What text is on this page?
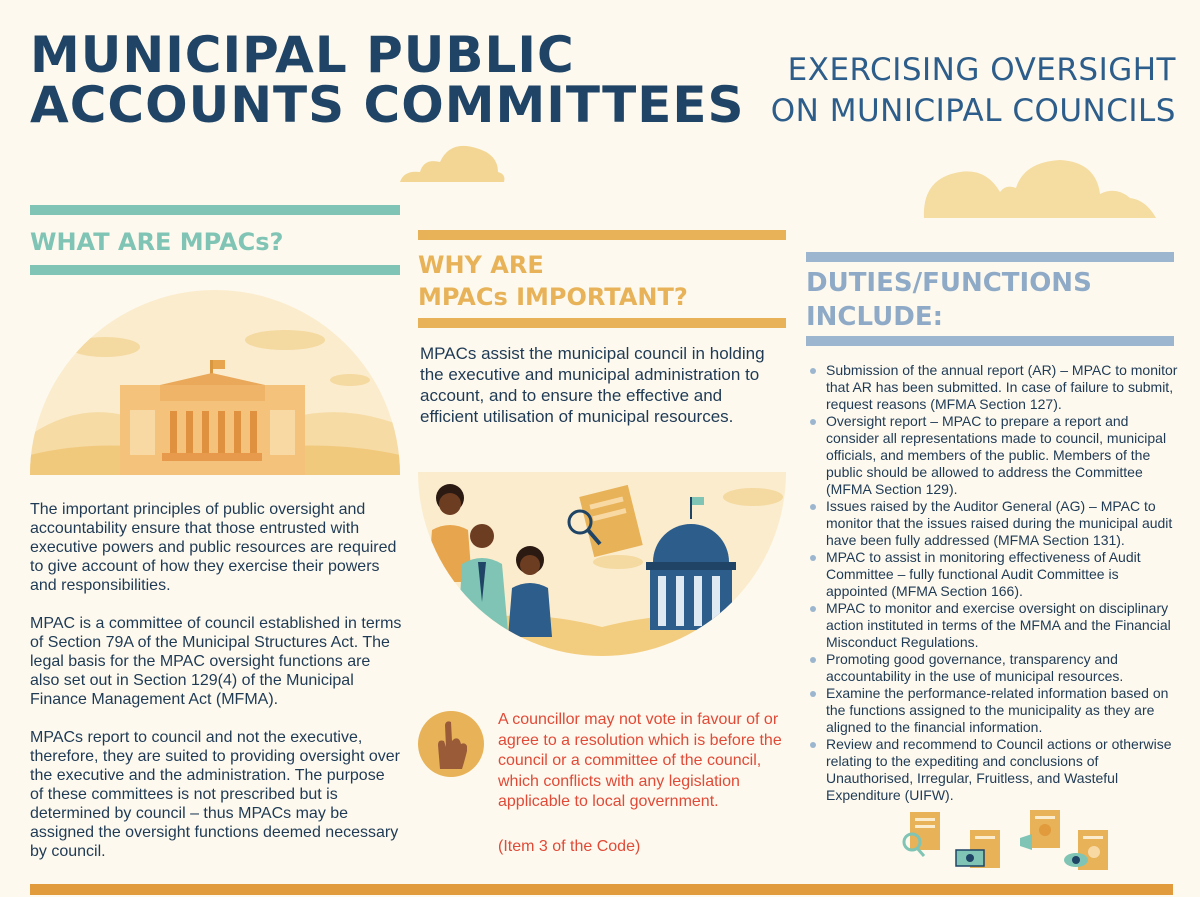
MUNICIPAL PUBLIC
ACCOUNTS COMMITTEES
EXERCISING OVERSIGHT
ON MUNICIPAL COUNCILS
WHAT ARE MPACs?

The important principles of public oversight and accountability ensure that those entrusted with executive powers and public resources are required to give account of how they exercise their powers and responsibilities.

MPAC is a committee of council established in terms of Section 79A of the Municipal Structures Act. The legal basis for the MPAC oversight functions are also set out in Section 129(4) of the Municipal Finance Management Act (MFMA).

MPACs report to council and not the executive, therefore, they are suited to providing oversight over the executive and the administration. The purpose of these committees is not prescribed but is determined by council – thus MPACs may be assigned the oversight functions deemed necessary by council.

WHY ARE
MPACs IMPORTANT?
MPACs assist the municipal council in holding the executive and municipal administration to account, and to ensure the effective and efficient utilisation of municipal resources.
A councillor may not vote in favour of or agree to a resolution which is before the council or a committee of the council, which conflicts with any legislation applicable to local government.
(Item 3 of the Code)
DUTIES/FUNCTIONS
INCLUDE:
Submission of the annual report (AR) – MPAC to monitor that AR has been submitted. In case of failure to submit, request reasons (MFMA Section 127).
Oversight report – MPAC to prepare a report and consider all representations made to council, municipal officials, and members of the public. Members of the public should be allowed to address the Committee (MFMA Section 129).
Issues raised by the Auditor General (AG) – MPAC to monitor that the issues raised during the municipal audit have been fully addressed (MFMA Section 131).
MPAC to assist in monitoring effectiveness of Audit Committee – fully functional Audit Committee is appointed (MFMA Section 166).
MPAC to monitor and exercise oversight on disciplinary action instituted in terms of the MFMA and the Financial Misconduct Regulations.
Promoting good governance, transparency and accountability in the use of municipal resources.
Examine the performance-related information based on the functions assigned to the municipality as they are aligned to the financial information.
Review and recommend to Council actions or otherwise relating to the expediting and conclusions of Unauthorised, Irregular, Fruitless, and Wasteful Expenditure (UIFW).
